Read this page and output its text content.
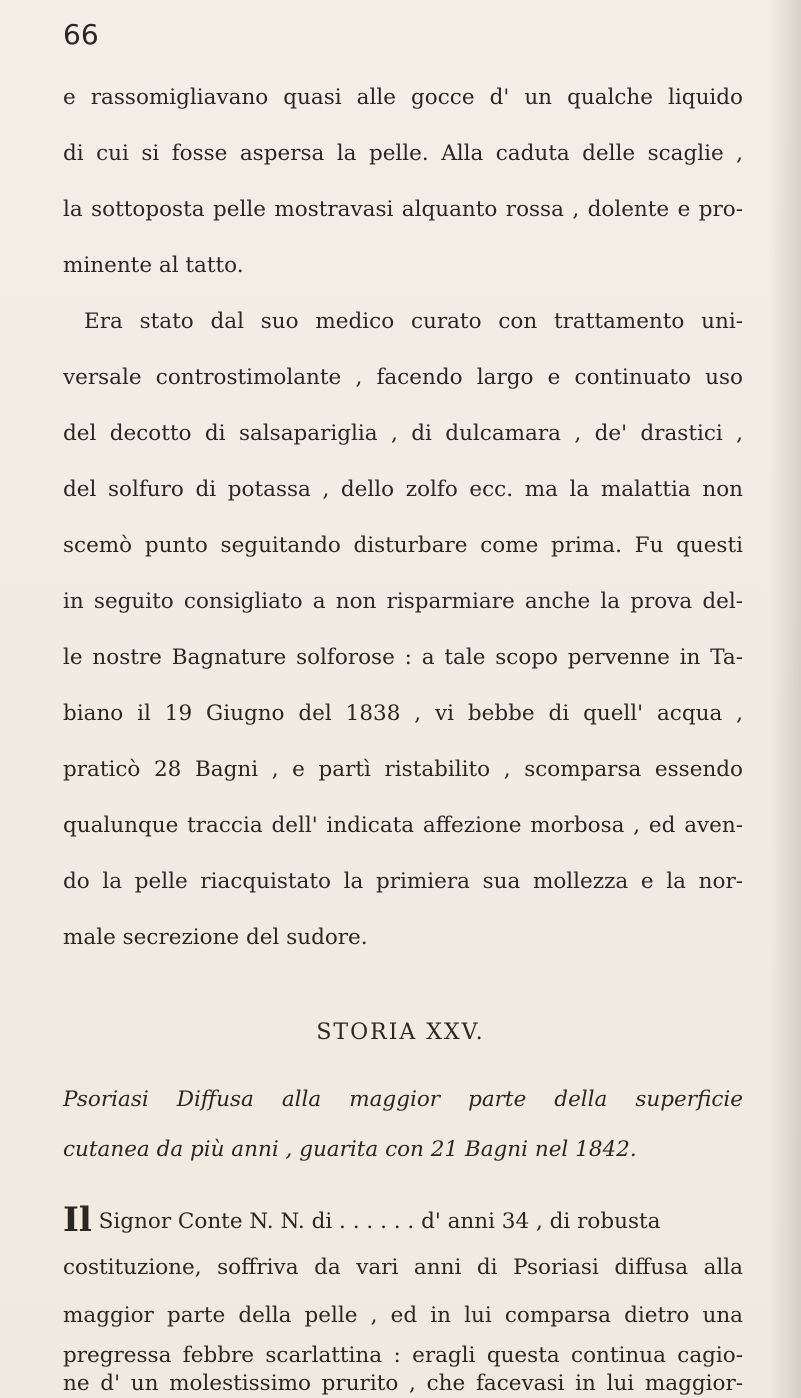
66
e rassomigliavano quasi alle gocce d' un qualche liquido
di cui si fosse aspersa la pelle. Alla caduta delle scaglie ,
la sottoposta pelle mostravasi alquanto rossa , dolente e pro-
minente al tatto.
Era stato dal suo medico curato con trattamento uni-
versale controstimolante , facendo largo e continuato uso
del decotto di salsapariglia , di dulcamara , de' drastici ,
del solfuro di potassa , dello zolfo ecc. ma la malattia non
scemò punto seguitando disturbare come prima. Fu questi
in seguito consigliato a non risparmiare anche la prova del-
le nostre Bagnature solforose : a tale scopo pervenne in Ta-
biano il 19 Giugno del 1838 , vi bebbe di quell' acqua ,
praticò 28 Bagni , e partì ristabilito , scomparsa essendo
qualunque traccia dell' indicata affezione morbosa , ed aven-
do la pelle riacquistato la primiera sua mollezza e la nor-
male secrezione del sudore.
STORIA XXV.
Psoriasi Diffusa alla maggior parte della superficie
cutanea da più anni , guarita con 21 Bagni nel 1842.
Il Signor Conte N. N. di . . . . . . d' anni 34 , di robusta
costituzione, soffriva da vari anni di Psoriasi diffusa alla
maggior parte della pelle , ed in lui comparsa dietro una
pregressa febbre scarlattina : eragli questa continua cagio-
ne d' un molestissimo prurito , che facevasi in lui maggior-
